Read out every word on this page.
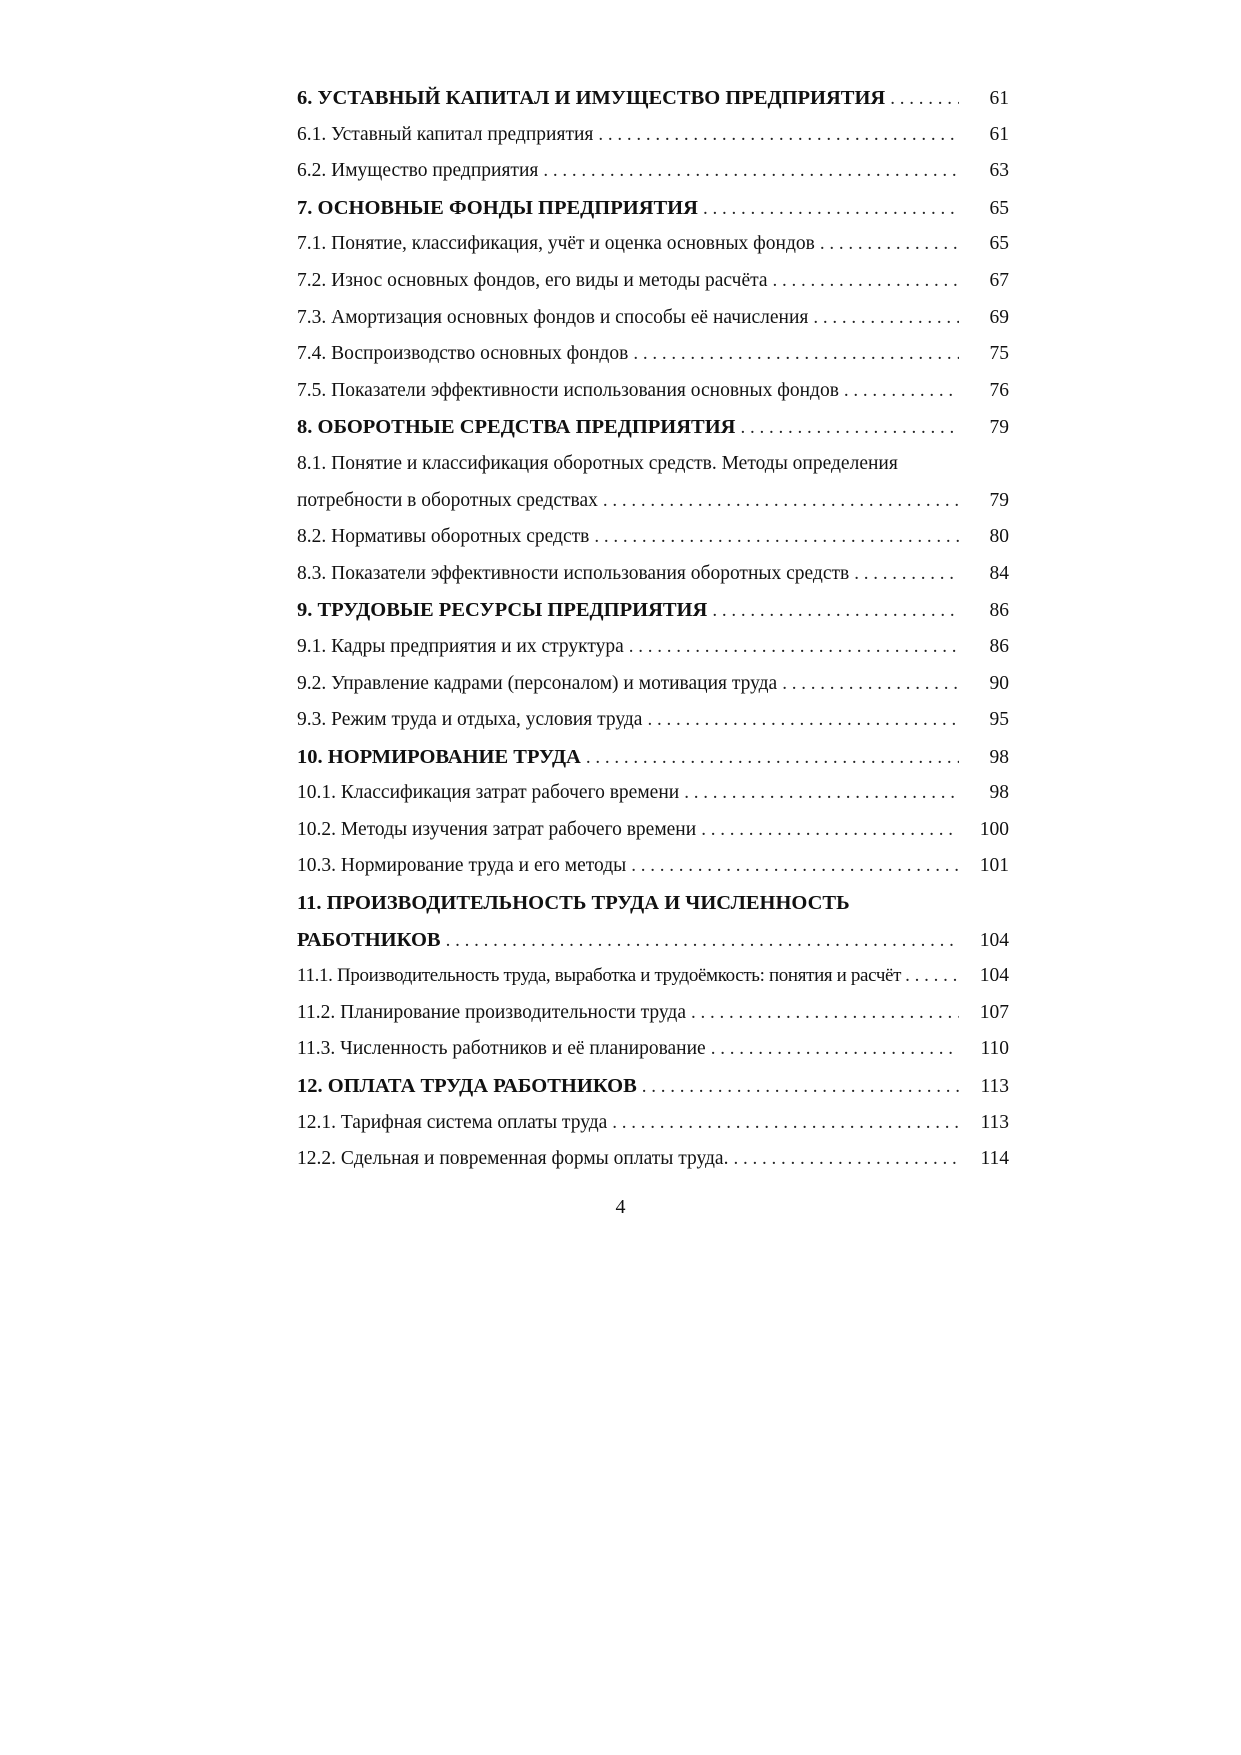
6. УСТАВНЫЙ КАПИТАЛ И ИМУЩЕСТВО ПРЕДПРИЯТИЯ . . .	61
6.1. Уставный капитал предприятия . . .	61
6.2. Имущество предприятия . . .	63
7. ОСНОВНЫЕ ФОНДЫ ПРЕДПРИЯТИЯ . . .	65
7.1. Понятие, классификация, учёт и оценка основных фондов . . .	65
7.2. Износ основных фондов, его виды и методы расчёта . . .	67
7.3. Амортизация основных фондов и способы её начисления . . .	69
7.4. Воспроизводство основных фондов . . .	75
7.5. Показатели эффективности использования основных фондов . . .	76
8. ОБОРОТНЫЕ СРЕДСТВА ПРЕДПРИЯТИЯ . . .	79
8.1. Понятие и классификация оборотных средств. Методы определения
потребности в оборотных средствах . . .	79
8.2. Нормативы оборотных средств . . .	80
8.3. Показатели эффективности использования оборотных средств . . .	84
9. ТРУДОВЫЕ РЕСУРСЫ ПРЕДПРИЯТИЯ . . .	86
9.1. Кадры предприятия и их структура . . .	86
9.2. Управление кадрами (персоналом) и мотивация труда . . .	90
9.3. Режим труда и отдыха, условия труда . . .	95
10. НОРМИРОВАНИЕ ТРУДА . . .	98
10.1. Классификация затрат рабочего времени . . .	98
10.2. Методы изучения затрат рабочего времени . . .	100
10.3. Нормирование труда и его методы . . .	101
11. ПРОИЗВОДИТЕЛЬНОСТЬ ТРУДА И ЧИСЛЕННОСТЬ
РАБОТНИКОВ . . .	104
11.1. Производительность труда, выработка и трудоёмкость: понятия и расчёт . . .	104
11.2. Планирование производительности труда . . .	107
11.3. Численность работников и её планирование . . .	110
12. ОПЛАТА ТРУДА РАБОТНИКОВ . . .	113
12.1. Тарифная система оплаты труда . . .	113
12.2. Сдельная и повременная формы оплаты труда. . . .	114
4
